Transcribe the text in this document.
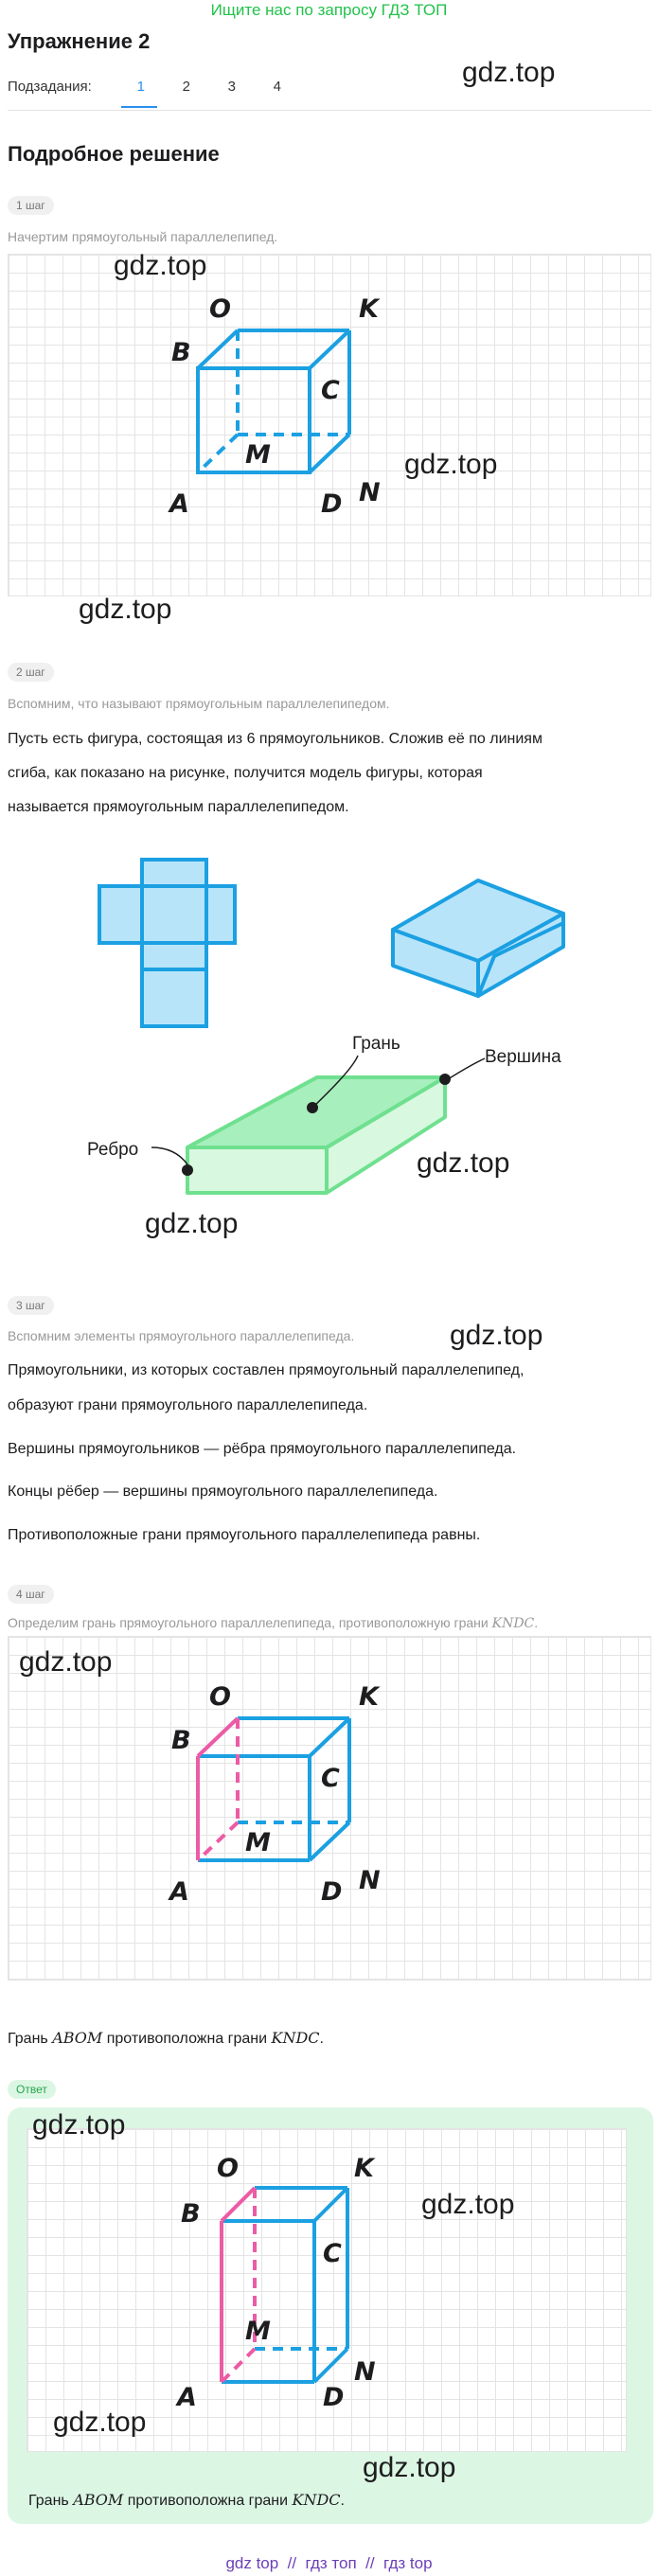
Ищите нас по запросу ГДЗ ТОП
Упражнение 2
Подзадания:	1	2	3	4	gdz.top
Подробное решение
1 шаг
Начертим прямоугольный параллелепипед.
O	K
B
C
M
N
A	D
gdz.top
gdz.top
gdz.top
2 шаг
Вспомним, что называют прямоугольным параллелепипедом.
Пусть есть фигура, состоящая из 6 прямоугольников. Сложив её по линиям
сгиба, как показано на рисунке, получится модель фигуры, которая
называется прямоугольным параллелепипедом.
Грань
Вершина
Ребро	gdz.top
gdz.top
3 шаг
Вспомним элементы прямоугольного параллелепипеда.	gdz.top
Прямоугольники, из которых составлен прямоугольный параллелепипед,
образуют грани прямоугольного параллелепипеда.
Вершины прямоугольников — рёбра прямоугольного параллелепипеда.
Концы рёбер — вершины прямоугольного параллелепипеда.
Противоположные грани прямоугольного параллелепипеда равны.
4 шаг
Определим грань прямоугольного параллелепипеда, противоположную грани KNDC.
O	K
B
C
M
N
A	D
gdz.top
Грань ABOM противоположна грани KNDC.
Ответ
O	K
B
C
M
N
A	D
gdz.top
gdz.top
gdz.top
gdz.top
Грань ABOM противоположна грани KNDC.
gdz top  //  гдз топ  //  гдз top
